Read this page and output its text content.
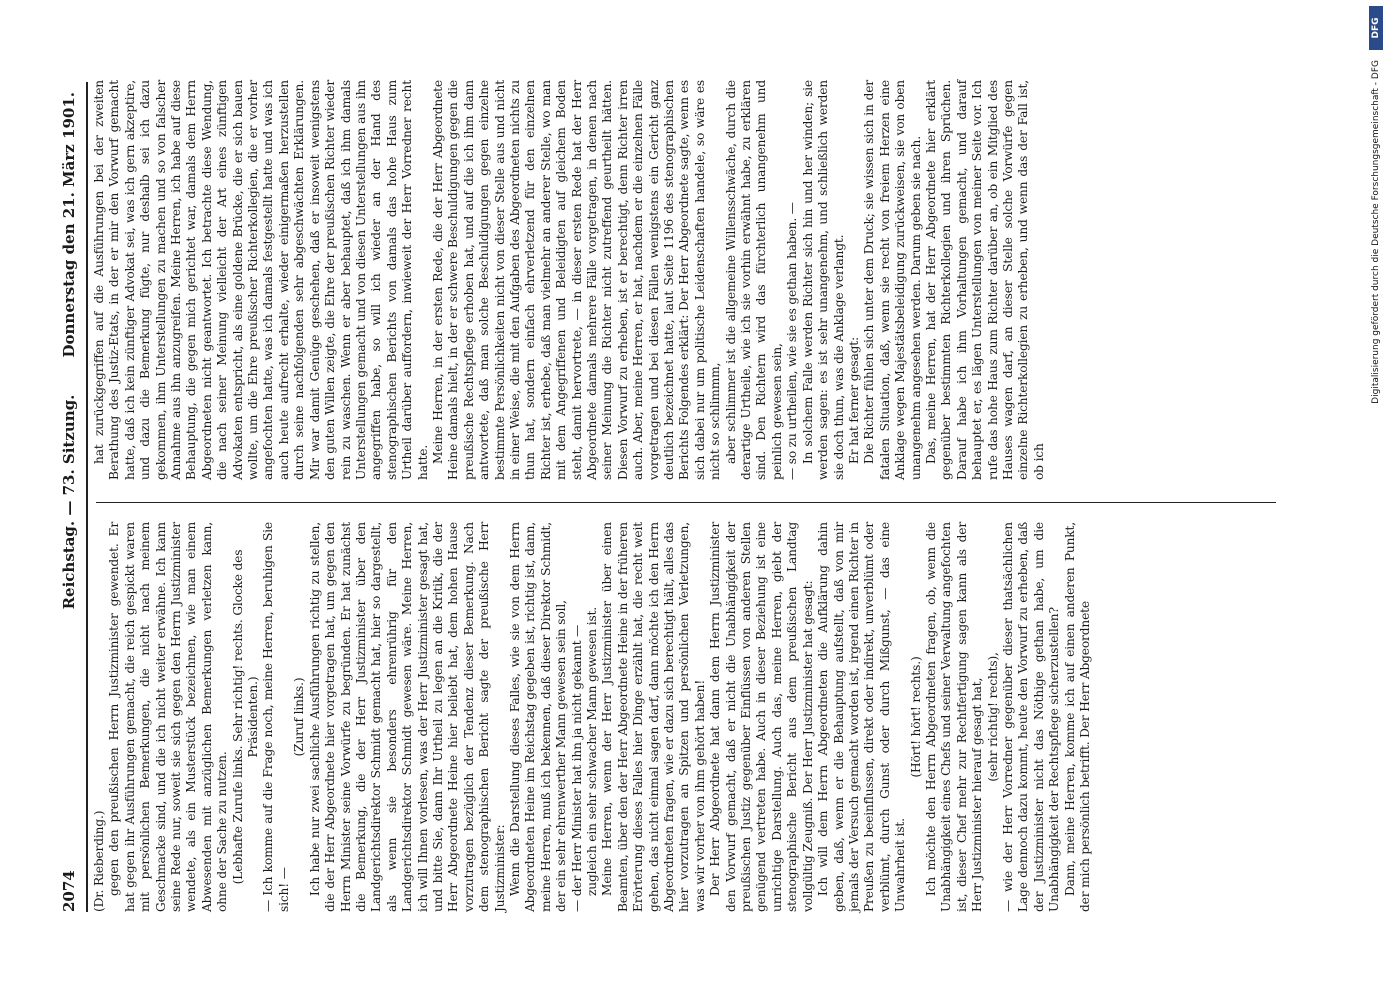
2074
Reichstag. — 73. Sitzung.
Donnerstag den 21. März 1901.

(Dr. Rieberding.) gegen den preußischen Herrn Justizminister gewendet. Er hat gegen ihr Ausführungen gemacht, die reich gespickt waren mit persönlichen Bemerkungen, die nicht nach meinem Geschmacke sind, und die ich nicht weiter erwähne. Ich kann seine Rede nur, soweit sie sich gegen den Herrn Justizminister wendete, als ein Musterstück bezeichnen, wie man einem Abwesenden mit anzüglichen Bemerkungen verletzen kann, ohne der Sache zu nutzen. (Lebhafte Zurufe links. Sehr richtig! rechts. Glocke des Präsidenten.) — Ich komme auf die Frage noch, meine Herren, beruhigen Sie sich! —

(Zuruf links.) Ich habe nur zwei sachliche Ausführungen richtig zu stellen, die der Herr Abgeordnete hier vorgetragen hat, um gegen den Herrn Minister seine Vorwürfe zu begründen. Er hat zunächst die Bemerkung, die der Herr Justizminister über den Landgerichtsdirektor Schmidt gemacht hat, hier so dargestellt, als wenn sie besonders ehrenrührig für den Landgerichtsdirektor Schmidt gewesen wäre. Meine Herren, ich will Ihnen vorlesen, was der Herr Justizminister gesagt hat, und bitte Sie, dann Ihr Urtheil zu legen an die Kritik, die der Herr Abgeordnete Heine hier beliebt hat, dem hohen Hause vorzutragen bezüglich der Tendenz dieser Bemerkung. Nach dem stenographischen Bericht sagte der preußische Herr Justizminister: Wenn die Darstellung dieses Falles, wie sie von dem Herrn Abgeordneten Heine im Reichstag gegeben ist, richtig ist, dann, meine Herren, muß ich bekennen, daß dieser Direktor Schmidt, der ein sehr ehrenwerther Mann gewesen sein soll, — der Herr Minister hat ihn ja nicht gekannt — zugleich ein sehr schwacher Mann gewesen ist. Meine Herren, wenn der Herr Justizminister über einen Beamten, über den der Herr Abgeordnete Heine in der früheren Erörterung dieses Falles hier Dinge erzählt hat, die recht weit gehen, das nicht einmal sagen darf, dann möchte ich den Herrn Abgeordneten fragen, wie er dazu sich berechtigt hält, alles das hier vorzutragen an Spitzen und persönlichen Verletzungen, was wir vorher von ihm gehört haben! Der Herr Abgeordnete hat dann dem Herrn Justizminister den Vorwurf gemacht, daß er nicht die Unabhängigkeit der preußischen Justiz gegenüber Einflüssen von anderen Stellen genügend vertreten habe. Auch in dieser Beziehung ist eine unrichtige Darstellung. Auch das, meine Herren, giebt der stenographische Bericht aus dem preußischen Landtag vollgültig Zeugniß. Der Herr Justizminister hat gesagt: Ich will dem Herrn Abgeordneten die Aufklärung dahin geben, daß, wenn er die Behauptung aufstellt, daß von mir jemals der Versuch gemacht worden ist, irgend einen Richter in Preußen zu beeinflussen, direkt oder indirekt, unverblümt oder verblümt, durch Gunst oder durch Mißgunst, — das eine Unwahrheit ist.

(Hört! hört! rechts.) Ich möchte den Herrn Abgeordneten fragen, ob, wenn die Unabhängigkeit eines Chefs und seiner Verwaltung angefochten ist, dieser Chef mehr zur Rechtfertigung sagen kann als der Herr Justizminister hierauf gesagt hat, (sehr richtig! rechts), — wie der Herr Vorredner gegenüber dieser thatsächlichen Lage dennoch dazu kommt, heute den Vorwurf zu erheben, daß der Justizminister nicht das Nöthige gethan habe, um die Unabhängigkeit der Rechtspflege sicherzustellen? Dann, meine Herren, komme ich auf einen anderen Punkt, der mich persönlich betrifft. Der Herr Abgeordnete

hat zurückgegriffen auf die Ausführungen bei der zweiten Berathung des Justiz-Etats, in der er mir den Vorwurf gemacht hatte, daß ich kein zünftiger Advokat sei, was ich gern akzeptire, und dazu die Bemerkung fügte, nur deshalb sei ich dazu gekommen, ihm Unterstellungen zu machen und so von falscher Annahme aus ihn anzugreifen. Meine Herren, ich habe auf diese Behauptung, die gegen mich gerichtet war, damals dem Herrn Abgeordneten nicht geantwortet. Ich betrachte diese Wendung, die nach seiner Meinung vielleicht der Art eines zünftigen Advokaten entspricht, als eine goldene Brücke, die er sich bauen wollte, um die Ehre preußischer Richterkollegien, die er vorher angefochten hatte, was ich damals festgestellt hatte und was ich auch heute aufrecht erhalte, wieder einigermaßen herzustellen durch seine nachfolgenden sehr abgeschwächten Erklärungen. Mir war damit Genüge geschehen, daß er insoweit wenigstens den guten Willen zeigte, die Ehre der preußischen Richter wieder rein zu waschen. Wenn er aber behauptet, daß ich ihm damals Unterstellungen gemacht und von diesen Unterstellungen aus ihn angegriffen habe, so will ich wieder an der Hand des stenographischen Berichts von damals das hohe Haus zum Urtheil darüber auffordern, inwieweit der Herr Vorredner recht hatte. Meine Herren, in der ersten Rede, die der Herr Abgeordnete Heine damals hielt, in der er schwere Beschuldigungen gegen die preußische Rechtspflege erhoben hat, und auf die ich ihm dann antwortete, daß man solche Beschuldigungen gegen einzelne bestimmte Persönlichkeiten nicht von dieser Stelle aus und nicht in einer Weise, die mit den Aufgaben des Abgeordneten nichts zu thun hat, sondern einfach ehrverletzend für den einzelnen Richter ist, erhebe, daß man vielmehr an anderer Stelle, wo man mit dem Angegriffenen und Beleidigten auf gleichem Boden steht, damit hervortrete, — in dieser ersten Rede hat der Herr Abgeordnete damals mehrere Fälle vorgetragen, in denen nach seiner Meinung die Richter nicht zutreffend geurtheilt hätten. Diesen Vorwurf zu erheben, ist er berechtigt, denn Richter irren auch. Aber, meine Herren, er hat, nachdem er die einzelnen Fälle vorgetragen und bei diesen Fällen wenigstens ein Gericht ganz deutlich bezeichnet hatte, laut Seite 1196 des stenographischen Berichts Folgendes erklärt: Der Herr Abgeordnete sagte, wenn es sich dabei nur um politische Leidenschaften handele, so wäre es nicht so schlimmm, aber schlimmer ist die allgemeine Willensschwäche, durch die derartige Urtheile, wie ich sie vorhin erwähnt habe, zu erklären sind. Den Richtern wird das fürchterlich unangenehm und peinlich gewesen sein, — so zu urtheilen, wie sie es gethan haben. — In solchem Falle werden Richter sich hin und her winden; sie werden sagen: es ist sehr unangenehm, und schließlich werden sie doch thun, was die Anklage verlangt. Er hat ferner gesagt: Die Richter fühlen sich unter dem Druck; sie wissen sich in der fatalen Situation, daß, wenn sie recht von freiem Herzen eine Anklage wegen Majestätsbeleidigung zurückweisen, sie von oben unangenehm angesehen werden. Darum geben sie nach. Das, meine Herren, hat der Herr Abgeordnete hier erklärt gegenüber bestimmten Richterkollegien und ihren Sprüchen. Darauf habe ich ihm Vorhaltungen gemacht, und darauf behauptet er, es lägen Unterstellungen von meiner Seite vor. Ich rufe das hohe Haus zum Richter darüber an, ob ein Mitglied des Hauses wagen darf, an dieser Stelle solche Vorwürfe gegen einzelne Richterkollegien zu erheben, und wenn das der Fall ist, ob ich

DFG
Digitalisierung gefördert durch die Deutsche Forschungsgemeinschaft - DFG
